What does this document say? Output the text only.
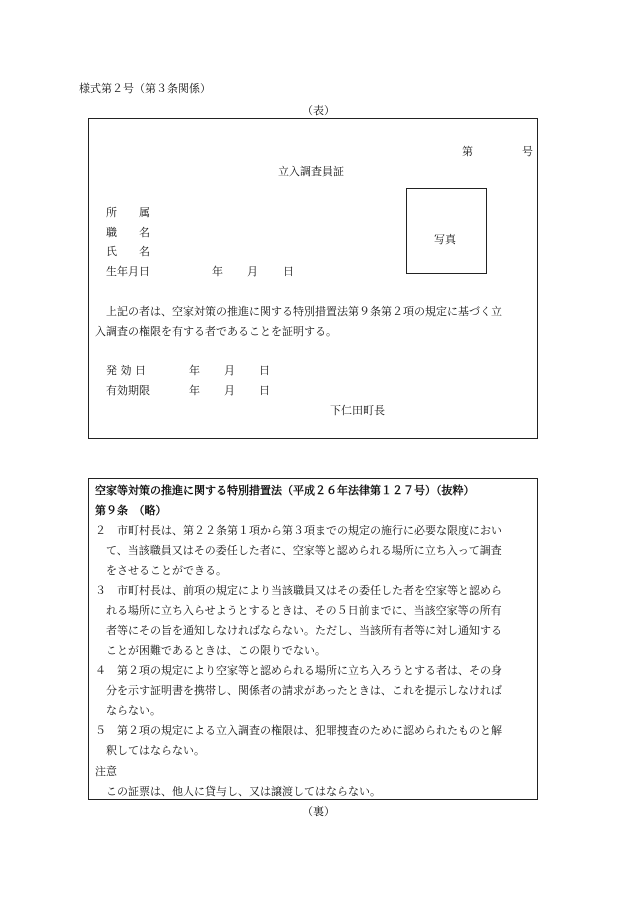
様式第２号（第３条関係）
（表）
第	号
立入調査員証
所　　属
職　　名
氏　　名
生年月日	年 月 日
写真
上記の者は、空家対策の推進に関する特別措置法第９条第２項の規定に基づく立
入調査の権限を有する者であることを証明する。
発 効 日	年 月 日
有効期限	年 月 日
下仁田町長
空家等対策の推進に関する特別措置法（平成２６年法律第１２７号）（抜粋）
第９条　（略）
２　市町村長は、第２２条第１項から第３項までの規定の施行に必要な限度におい
　て、当該職員又はその委任した者に、空家等と認められる場所に立ち入って調査
　をさせることができる。
３　市町村長は、前項の規定により当該職員又はその委任した者を空家等と認めら
　れる場所に立ち入らせようとするときは、その５日前までに、当該空家等の所有
　者等にその旨を通知しなければならない。ただし、当該所有者等に対し通知する
　ことが困難であるときは、この限りでない。
４　第２項の規定により空家等と認められる場所に立ち入ろうとする者は、その身
　分を示す証明書を携帯し、関係者の請求があったときは、これを提示しなければ
　ならない。
５　第２項の規定による立入調査の権限は、犯罪捜査のために認められたものと解
　釈してはならない。
注意
　この証票は、他人に貸与し、又は譲渡してはならない。
（裏）
